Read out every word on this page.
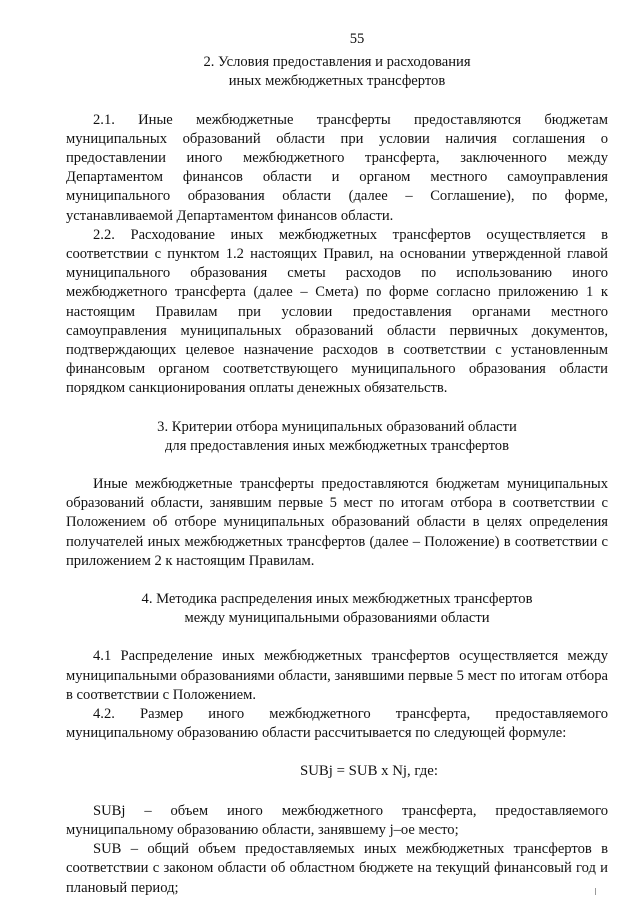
55
2. Условия предоставления и расходования
иных межбюджетных трансфертов

2.1. Иные межбюджетные трансферты предоставляются бюджетам муниципальных образований области при условии наличия соглашения о предоставлении иного межбюджетного трансферта, заключенного между Департаментом финансов области и органом местного самоуправления муниципального образования области (далее – Соглашение), по форме, устанавливаемой Департаментом финансов области.

2.2. Расходование иных межбюджетных трансфертов осуществляется в соответствии с пунктом 1.2 настоящих Правил, на основании утвержденной главой муниципального образования сметы расходов по использованию иного межбюджетного трансферта (далее – Смета) по форме согласно приложению 1 к настоящим Правилам при условии предоставления органами местного самоуправления муниципальных образований области первичных документов, подтверждающих целевое назначение расходов в соответствии с установленным финансовым органом соответствующего муниципального образования области порядком санкционирования оплаты денежных обязательств.

3. Критерии отбора муниципальных образований области
для предоставления иных межбюджетных трансфертов

Иные межбюджетные трансферты предоставляются бюджетам муниципальных образований области, занявшим первые 5 мест по итогам отбора в соответствии с Положением об отборе муниципальных образований области в целях определения получателей иных межбюджетных трансфертов (далее – Положение) в соответствии с приложением 2 к настоящим Правилам.

4. Методика распределения иных межбюджетных трансфертов
между муниципальными образованиями области

4.1 Распределение иных межбюджетных трансфертов осуществляется между муниципальными образованиями области, занявшими первые 5 мест по итогам отбора в соответствии с Положением.

4.2. Размер иного межбюджетного трансферта, предоставляемого муниципальному образованию области рассчитывается по следующей формуле:

SUBj = SUB x Nj, где:

SUBj – объем иного межбюджетного трансферта, предоставляемого муниципальному образованию области, занявшему j–ое место;

SUB – общий объем предоставляемых иных межбюджетных трансфертов в соответствии с законом области об областном бюджете на текущий финансовый год и плановый период;
